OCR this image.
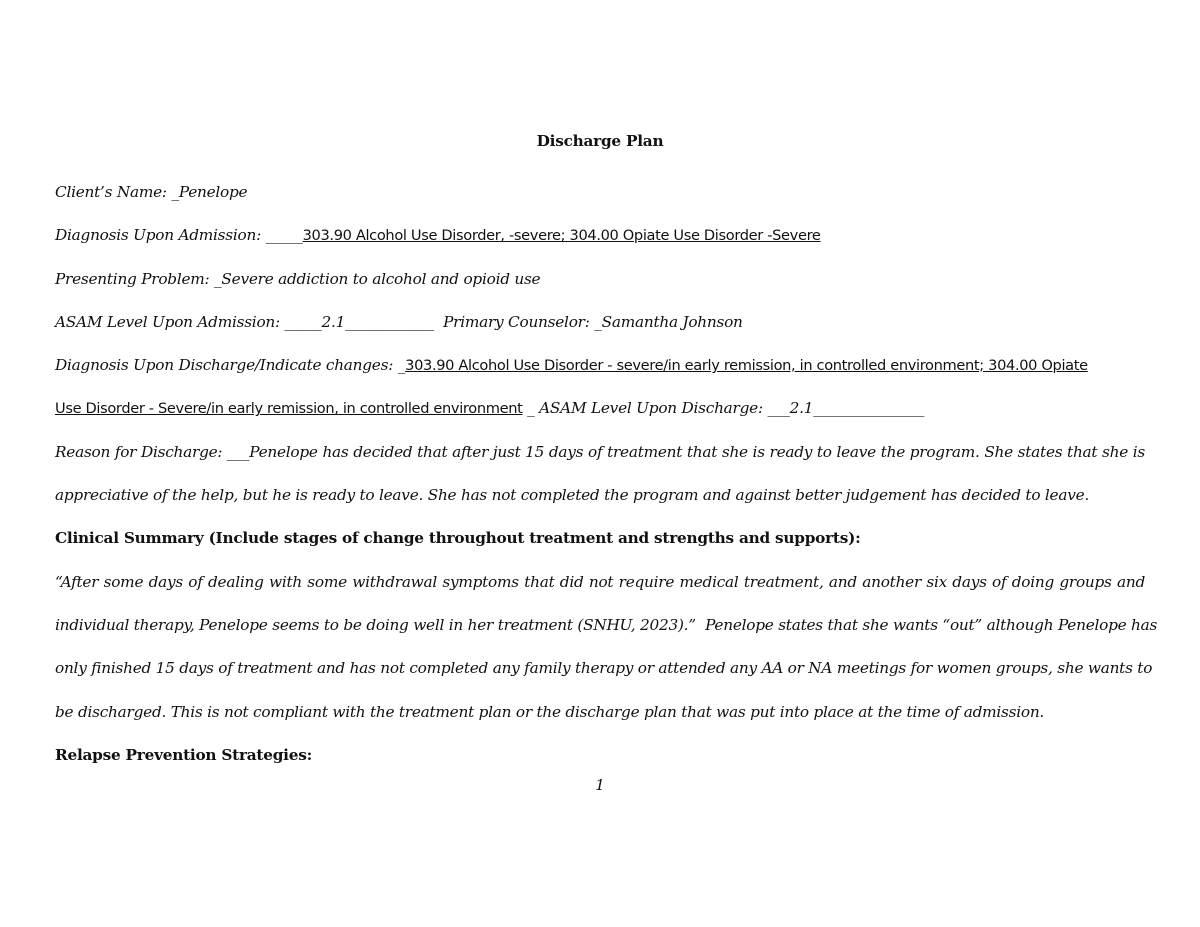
Discharge Plan
Client’s Name: _Penelope
Diagnosis Upon Admission: _____303.90 Alcohol Use Disorder, -severe; 304.00 Opiate Use Disorder -Severe
Presenting Problem: _Severe addiction to alcohol and opioid use
ASAM Level Upon Admission: _____2.1____________  Primary Counselor: _Samantha Johnson
Diagnosis Upon Discharge/Indicate changes: _303.90 Alcohol Use Disorder - severe/in early remission, in controlled environment; 304.00 Opiate
Use Disorder - Severe/in early remission, in controlled environment _ ASAM Level Upon Discharge: ___2.1_______________
Reason for Discharge: ___Penelope has decided that after just 15 days of treatment that she is ready to leave the program. She states that she is
appreciative of the help, but he is ready to leave. She has not completed the program and against better judgement has decided to leave.
Clinical Summary (Include stages of change throughout treatment and strengths and supports):
“After some days of dealing with some withdrawal symptoms that did not require medical treatment, and another six days of doing groups and
individual therapy, Penelope seems to be doing well in her treatment (SNHU, 2023).”  Penelope states that she wants “out” although Penelope has
only finished 15 days of treatment and has not completed any family therapy or attended any AA or NA meetings for women groups, she wants to
be discharged. This is not compliant with the treatment plan or the discharge plan that was put into place at the time of admission.
Relapse Prevention Strategies:
1
